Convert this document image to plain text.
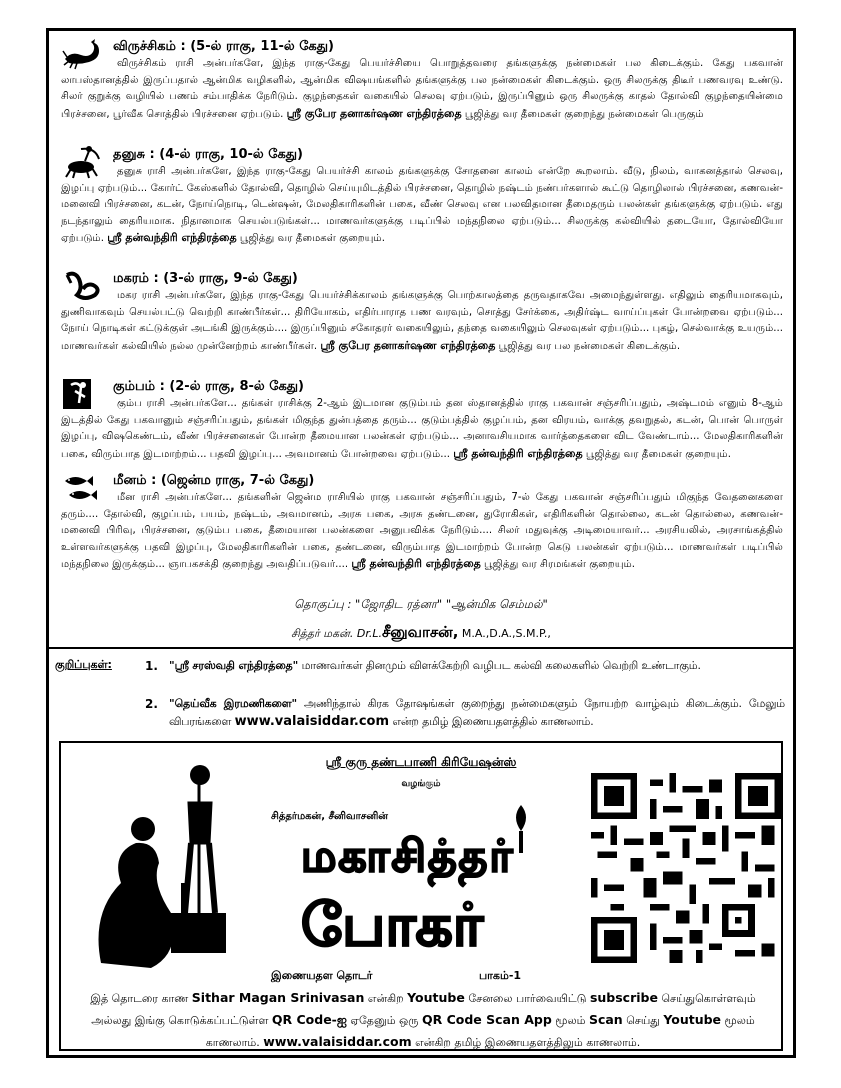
விருச்சிகம் : (5-ல் ராகு, 11-ல் கேது)

விருச்சிகம் ராசி அன்பர்களே, இந்த ராகு-கேது பெயர்ச்சியை பொறுத்தவரை தங்களுக்கு நன்மைகள் பல கிடைக்கும். கேது பகவான் லாபஸ்தானத்தில் இருப்பதால் ஆன்மிக வழிகளில், ஆன்மிக விஷயங்களில் தங்களுக்கு பல நன்மைகள் கிடைக்கும். ஒரு சிலருக்கு திடீர் பணவரவு உண்டு. சிலர் குறுக்கு வழியில் பணம் சம்பாதிக்க நேரிடும். குழந்தைகள் வகையில் செலவு ஏற்படும், இருப்பினும் ஒரு சிலருக்கு காதல் தோல்வி குழந்தையின்மை பிரச்சனை, பூர்வீக சொத்தில் பிரச்சனை ஏற்படும். ஸ்ரீ குபேர தனாகர்ஷண எந்திரத்தை பூஜித்து வர தீமைகள் குறைந்து நன்மைகள் பெருகும்

தனுசு : (4-ல் ராகு, 10-ல் கேது)

தனுசு ராசி அன்பர்களே, இந்த ராகு-கேது பெயர்ச்சி காலம் தங்களுக்கு சோதனை காலம் என்றே கூறலாம். வீடு, நிலம், வாகனத்தால் செலவு, இழப்பு ஏற்படும்... கோர்ட் கேஸ்களில் தோல்வி, தொழில் செய்யுமிடத்தில் பிரச்சனை, தொழில் நஷ்டம் நண்பர்களால் கூட்டு தொழிலால் பிரச்சனை, கணவன்-மனைவி பிரச்சனை, கடன், நோய்நொடி, டென்ஷன், மேலதிகாரிகளின் பகை, வீண் செலவு என பலவிதமான தீமைதரும் பலன்கள் தங்களுக்கு ஏற்படும். எது நடந்தாலும் தைரியமாக. நிதானமாக செயல்படுங்கள்... மாணவர்களுக்கு படிப்பில் மந்தநிலை ஏற்படும்... சிலருக்கு கல்வியில் தடையோ, தோல்வியோ ஏற்படும். ஸ்ரீ தன்வந்திரி எந்திரத்தை பூஜித்து வர தீமைகள் குறையும்.

மகரம் : (3-ல் ராகு, 9-ல் கேது)

மகர ராசி அன்பர்களே, இந்த ராகு-கேது பெயர்ச்சிக்காலம் தங்களுக்கு பொற்காலத்தை தருவதாகவே அமைந்துள்ளது. எதிலும் தைரியமாகவும், துணிவாகவும் செயல்பட்டு வெற்றி காண்பீர்கள்... திரியோகம், எதிர்பாராத பண வரவும், சொத்து சேர்க்கை, அதிர்ஷ்ட வாய்ப்புகள் போன்றவை ஏற்படும்... நோய் நொடிகள் கட்டுக்குள் அடங்கி இருக்கும்.... இருப்பினும் சகோதரர் வகையிலும், தந்தை வகையிலும் செலவுகள் ஏற்படும்... புகழ், செல்வாக்கு உயரும்... மாணவர்கள் கல்வியில் நல்ல முன்னேற்றம் காண்பீர்கள். ஸ்ரீ குபேர தனாகர்ஷண எந்திரத்தை பூஜித்து வர பல நன்மைகள் கிடைக்கும்.

கும்பம் : (2-ல் ராகு, 8-ல் கேது)

கும்ப ராசி அன்பர்களே... தங்கள் ராசிக்கு 2-ஆம் இடமான குடும்பம் தன ஸ்தானத்தில் ராகு பகவான் சஞ்சரிப்பதும், அஷ்டமம் எனும் 8-ஆம் இடத்தில் கேது பகவானும் சஞ்சரிப்பதும், தங்கள் மிகுந்த துன்பத்தை தரும்... குடும்பத்தில் குழப்பம், தன விரயம், வாக்கு தவறுதல், கடன், பொன் பொருள் இழப்பு, விஷகெண்டம், வீண் பிரச்சனைகள் போன்ற தீமையான பலன்கள் ஏற்படும்... அனாவசியமாக வார்த்தைகளை விட வேண்டாம்... மேலதிகாரிகளின் பகை, விரும்பாத இடமாற்றம்... பதவி இழப்பு... அவமானம் போன்றவை ஏற்படும்... ஸ்ரீ தன்வந்திரி எந்திரத்தை பூஜித்து வர தீமைகள் குறையும்.

மீனம் : (ஜென்ம ராகு, 7-ல் கேது)

மீன ராசி அன்பர்களே... தங்களின் ஜென்ம ராசியில் ராகு பகவான் சஞ்சரிப்பதும், 7-ல் கேது பகவான் சஞ்சரிப்பதும் மிகுந்த வேதனைகளை தரும்.... தோல்வி, குழப்பம், பயம், நஷ்டம், அவமானம், அரசு பகை, அரசு தண்டனை, துரோகிகள், எதிரிகளின் தொல்லை, கடன் தொல்லை, கணவன்-மனைவி பிரிவு, பிரச்சனை, குடும்ப பகை, தீமையான பலன்களை அனுபவிக்க நேரிடும்.... சிலர் மதுவுக்கு அடிமையாவர்... அரசியலில், அரசாங்கத்தில் உள்ளவர்களுக்கு பதவி இழப்பு, மேலதிகாரிகளின் பகை, தண்டனை, விரும்பாத இடமாற்றம் போன்ற கெடு பலன்கள் ஏற்படும்... மாணவர்கள் படிப்பில் மந்தநிலை இருக்கும்... ஞாபகசக்தி குறைந்து அவதிப்படுவர்.... ஸ்ரீ தன்வந்திரி எந்திரத்தை பூஜித்து வர சிரமங்கள் குறையும்.

தொகுப்பு : "ஜோதிட ரத்னா" "ஆன்மிக செம்மல்"
சித்தர் மகன். Dr.L.சீனுவாசன், M.A.,D.A.,S.M.P.,
குறிப்புகள்:	1. "ஸ்ரீ சரஸ்வதி எந்திரத்தை" மாணவர்கள் தினமும் விளக்கேற்றி வழிபட கல்வி கலைகளில் வெற்றி உண்டாகும்.
2. "தெய்வீக இரமணிகளை" அணிந்தால் கிரக தோஷங்கள் குறைந்து நன்மைகளும் நோயற்ற வாழ்வும் கிடைக்கும். மேலும் விபரங்களை www.valaisiddar.com என்ற தமிழ் இணையதளத்தில் காணலாம்.
ஸ்ரீ குரு தண்டபாணி கிரியேஷன்ஸ்
வழங்கும்
சித்தர்மகன், சீனிவாசனின்
மகாசித்தர்
போகர்
இணையதள தொடர்	பாகம்-1
இத் தொடரை காண Sithar Magan Srinivasan என்கிற Youtube சேனலை பார்வையிட்டு subscribe செய்துகொள்ளவும் அல்லது இங்கு கொடுக்கப்பட்டுள்ள QR Code-ஐ ஏதேனும் ஒரு QR Code Scan App மூலம் Scan செய்து Youtube மூலம் காணலாம். www.valaisiddar.com என்கிற தமிழ் இணையதளத்திலும் காணலாம்.
